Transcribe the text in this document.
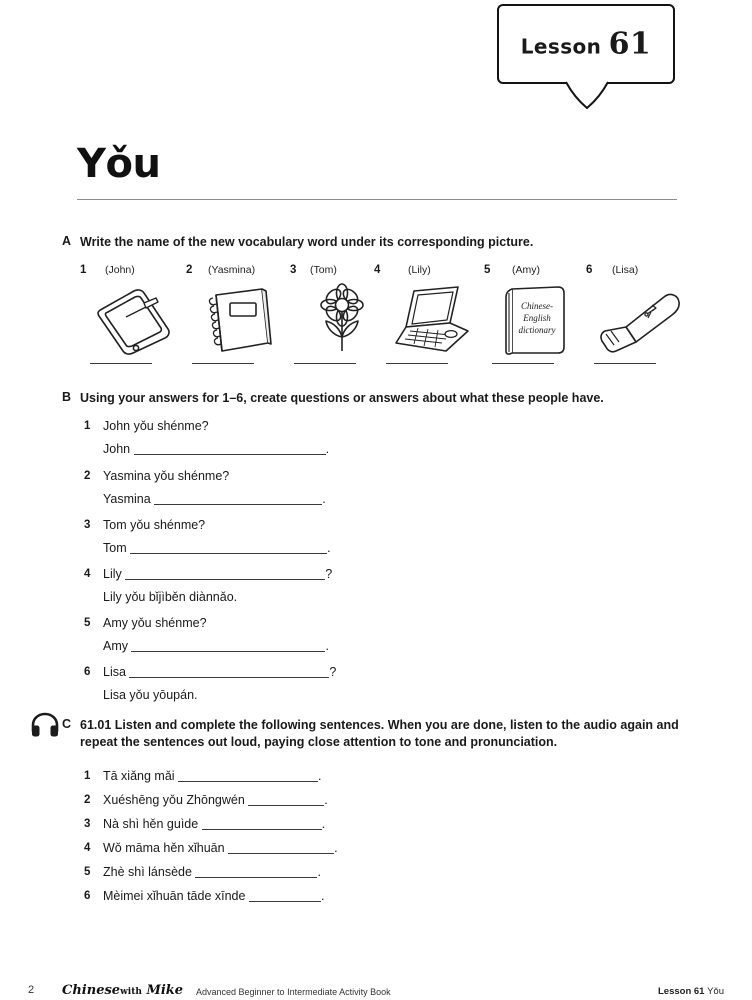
Lesson 61
Yǒu
A Write the name of the new vocabulary word under its corresponding picture.
1 (John)	2 (Yasmina)	3 (Tom)	4	(Lily)	5 (Amy)	6 (Lisa)
Chinese-
English
dictionary
B Using your answers for 1–6, create questions or answers about what these people have.
1 John yǒu shénme?
John	.
2 Yasmina yǒu shénme?
Yasmina	.
3 Tom yǒu shénme?
Tom	.
4 Lily	?
Lily yǒu bǐjìběn diànnǎo.
5 Amy yǒu shénme?
Amy	.
6 Lisa	?
Lisa yǒu yōupán.
C 61.01 Listen and complete the following sentences. When you are done, listen to the audio again and repeat the sentences out loud, paying close attention to tone and pronunciation.
1 Tā xiǎng mǎi	.
2 Xuéshēng yǒu Zhōngwén	.
3 Nà shì hěn guìde	.
4 Wǒ māma hěn xǐhuān	.
5 Zhè shì lánsède	.
6 Mèimei xǐhuān tāde xīnde	.
2 Chinesewith Mike Advanced Beginner to Intermediate Activity Book	Lesson 61 Yǒu
